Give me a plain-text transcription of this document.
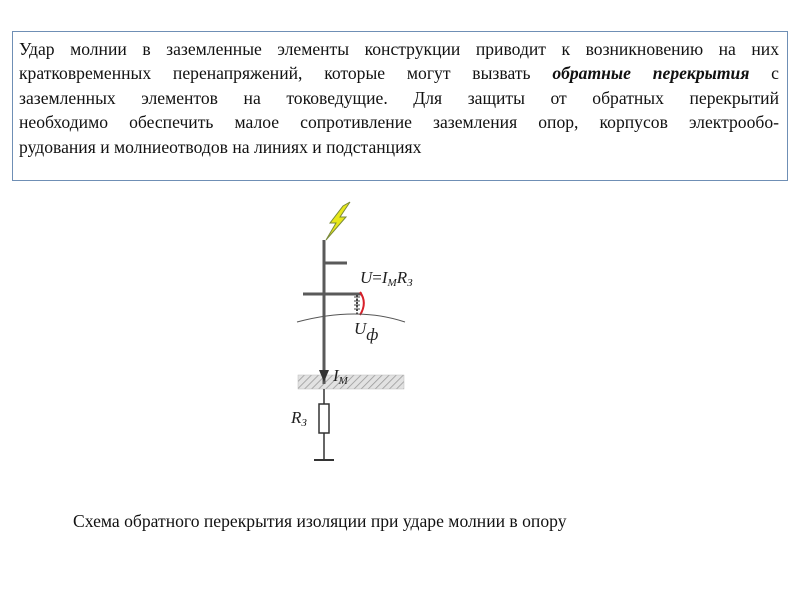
Удар молнии в заземленные элементы конструкции приводит к возникновению на них
кратковременных перенапряжений, которые могут вызвать обратные перекрытия с
заземленных элементов на токоведущие. Для защиты от обратных перекрытий
необходимо обеспечить малое сопротивление заземления опор, корпусов электрообо-
рудования и молниеотводов на линиях и подстанциях
U=IМRЗ
Uф
IМ
RЗ
Схема обратного перекрытия изоляции при ударе молнии в опору
